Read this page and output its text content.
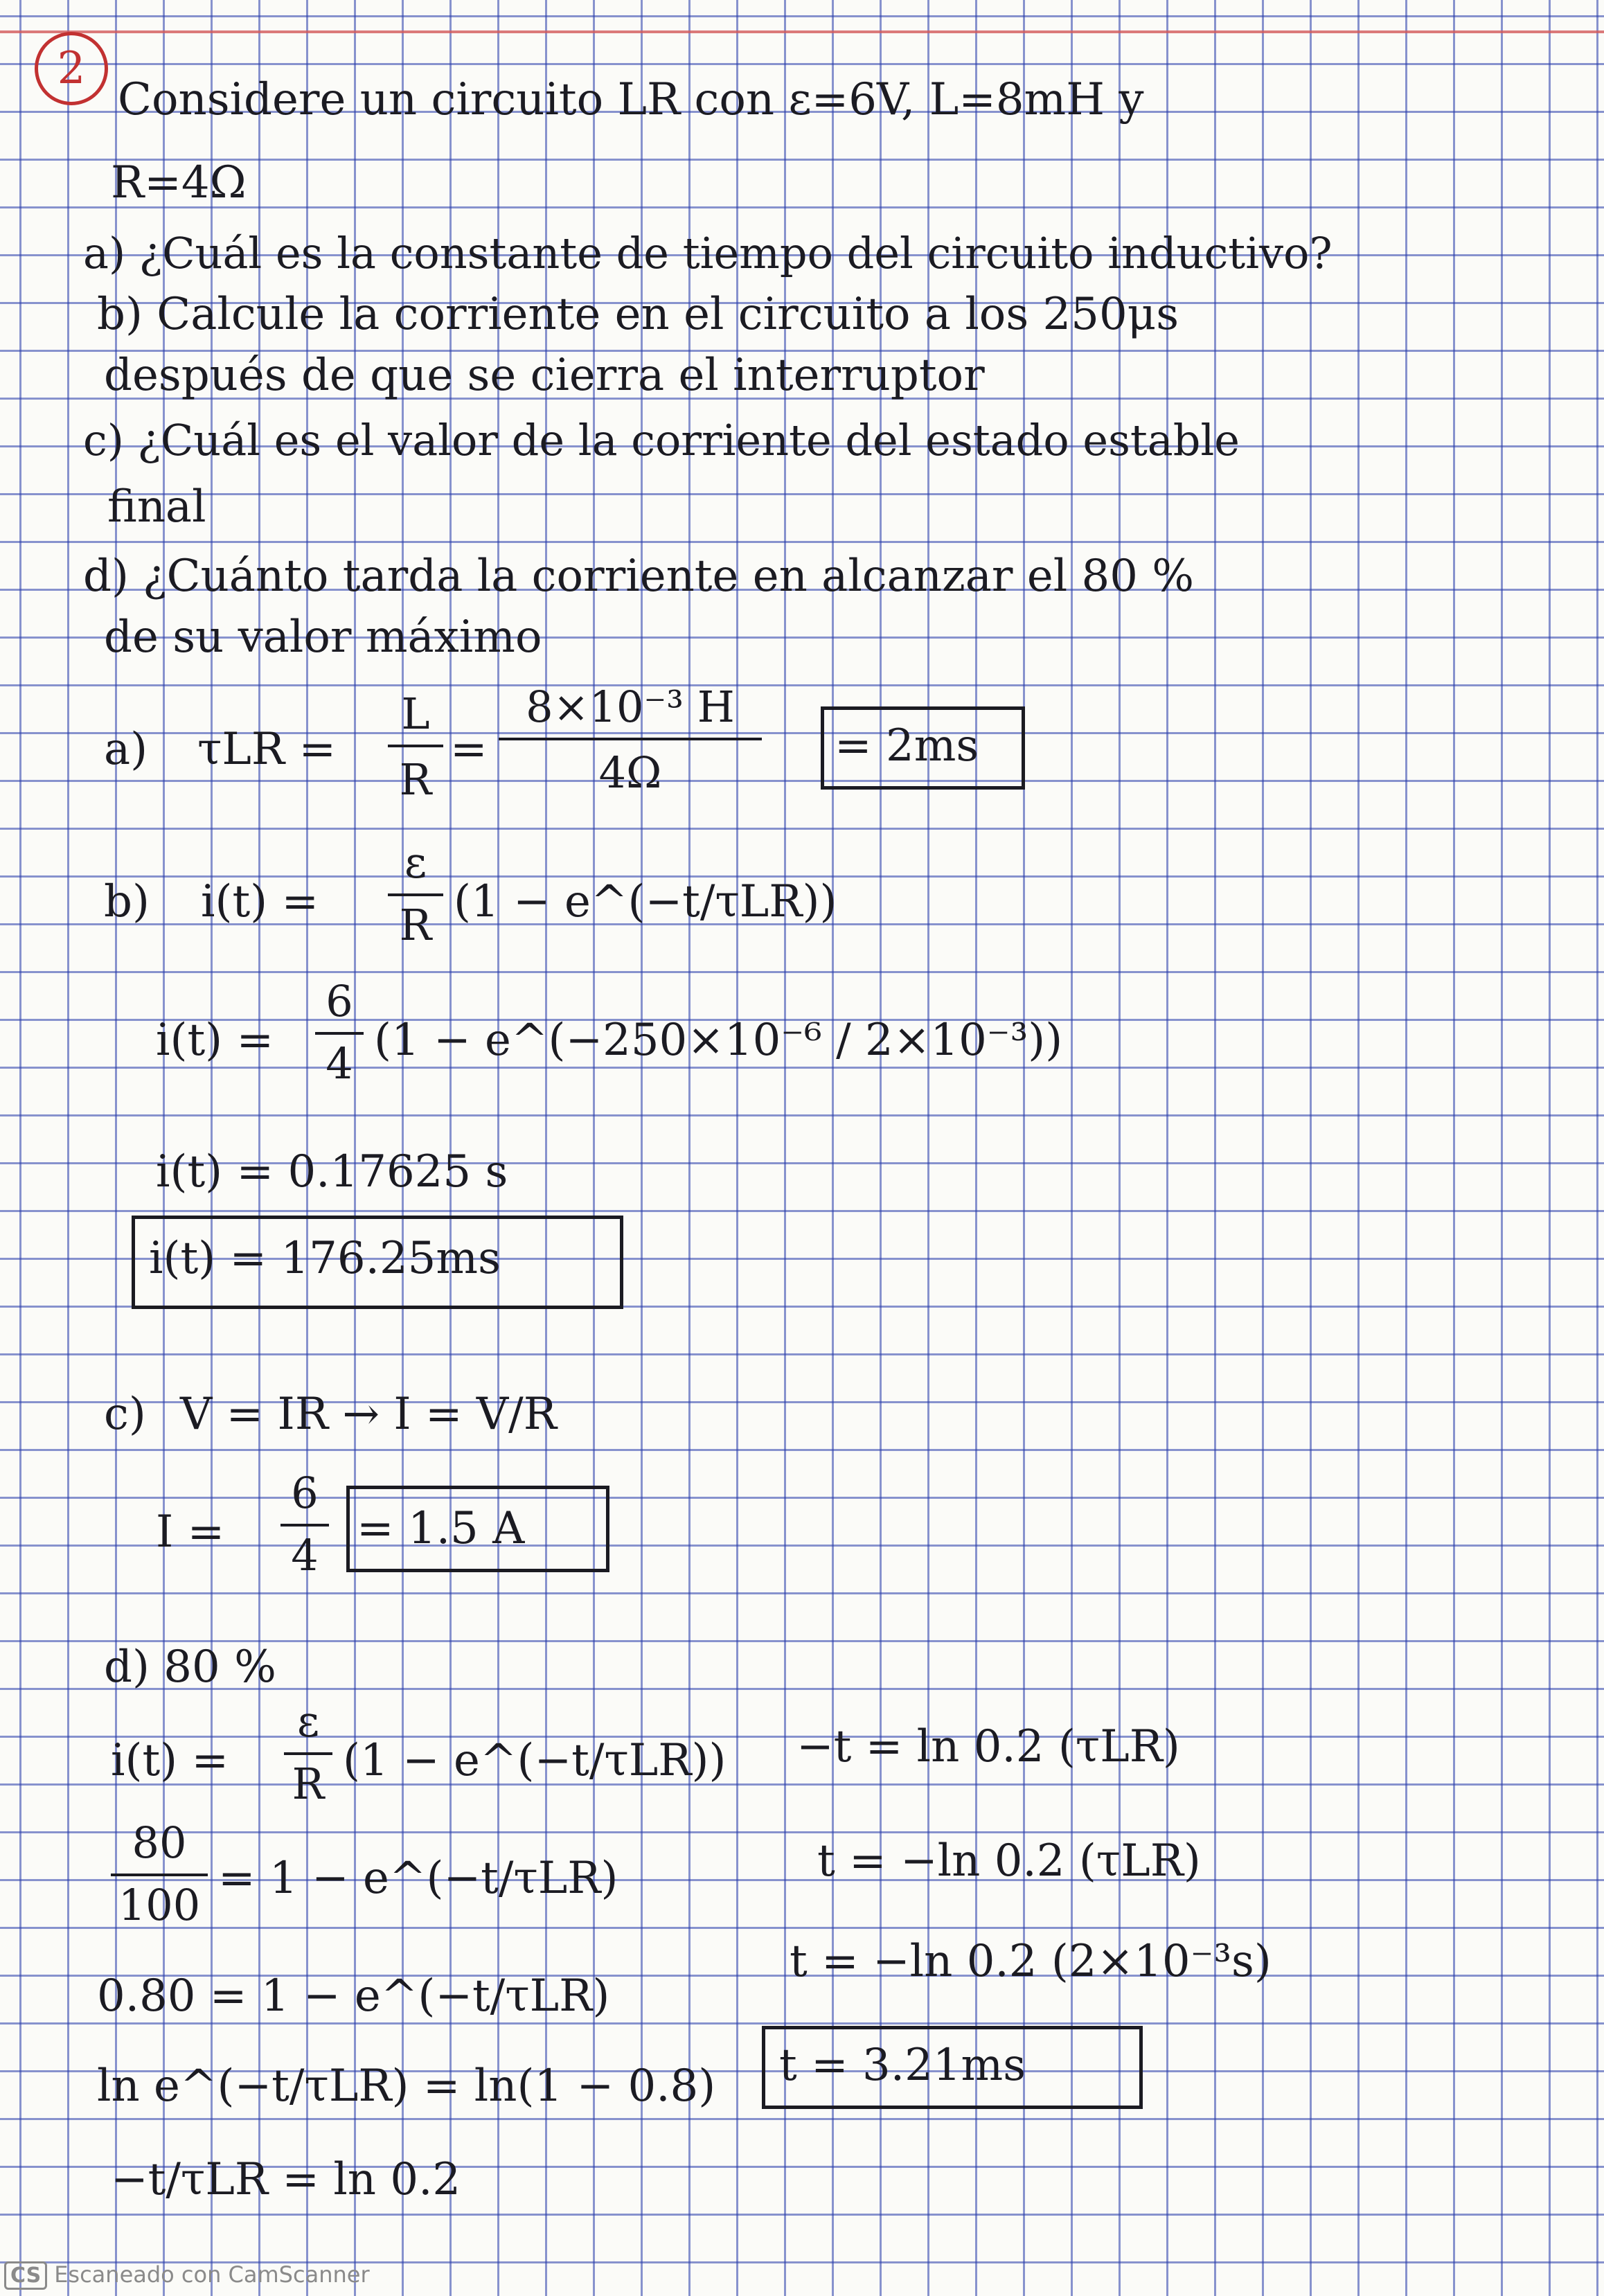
2
Considere un circuito LR con ε=6V, L=8mH y
R=4Ω
a) ¿Cuál es la constante de tiempo del circuito inductivo?
b) Calcule la corriente en el circuito a los 250μs
después de que se cierra el interruptor
c) ¿Cuál es el valor de la corriente del estado estable
final
d) ¿Cuánto tarda la corriente en alcanzar el 80 %
de su valor máximo
a) τLR =
L
R
=
8×10⁻³ H
4Ω
= 2ms
b) i(t) =
ε
R (1 − e^(−t/τLR))
i(t) =
6
4 (1 − e^(−250×10⁻⁶ / 2×10⁻³))
i(t) = 0.17625 s
i(t) = 176.25ms
c) V = IR → I = V/R
I =
6
4
= 1.5 A
d) 80 %
i(t) =
ε
R (1 − e^(−t/τLR))
80
100
= 1 − e^(−t/τLR)
0.80 = 1 − e^(−t/τLR)
ln e^(−t/τLR) = ln(1 − 0.8)
−t/τLR = ln 0.2
−t = ln 0.2 (τLR)
t = −ln 0.2 (τLR)
t = −ln 0.2 (2×10⁻³s)
t = 3.21ms
CS Escaneado con CamScanner
